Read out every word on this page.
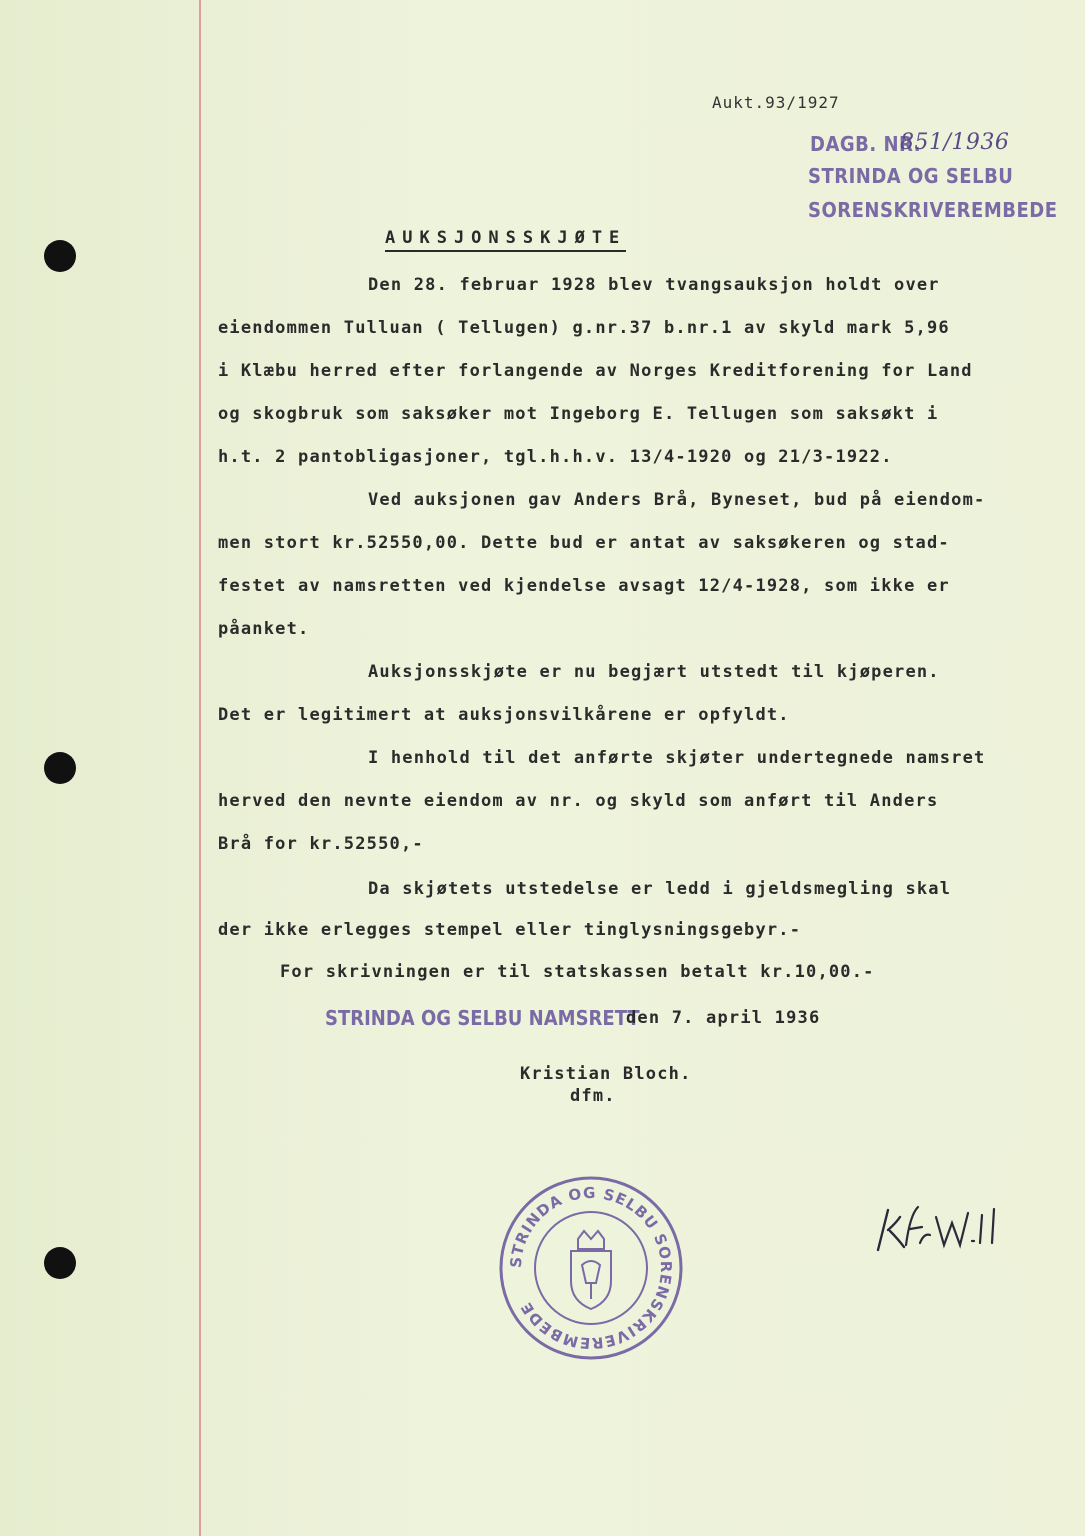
Aukt.93/1927
DAGB. NR.
851/1936
STRINDA OG SELBU
SORENSKRIVEREMBEDE
AUKSJONSSKJØTE
Den 28. februar 1928 blev tvangsauksjon holdt over
eiendommen Tulluan ( Tellugen) g.nr.37 b.nr.1 av skyld mark 5,96
i Klæbu herred efter forlangende av Norges Kreditforening for Land
og skogbruk som saksøker mot Ingeborg E. Tellugen som saksøkt i
h.t. 2 pantobligasjoner, tgl.h.h.v. 13/4-1920 og 21/3-1922.
Ved auksjonen gav Anders Brå, Byneset, bud på eiendom-
men stort kr.52550,00. Dette bud er antat av saksøkeren og stad-
festet av namsretten ved kjendelse avsagt 12/4-1928, som ikke er
påanket.
Auksjonsskjøte er nu begjært utstedt til kjøperen.
Det er legitimert at auksjonsvilkårene er opfyldt.
I henhold til det anførte skjøter undertegnede namsret
herved den nevnte eiendom av nr. og skyld som anført til Anders
Brå for kr.52550,-
Da skjøtets utstedelse er ledd i gjeldsmegling skal
der ikke erlegges stempel eller tinglysningsgebyr.-
For skrivningen er til statskassen betalt kr.10,00.-
STRINDA OG SELBU NAMSRETT
den 7. april 1936
Kristian Bloch.
dfm.
STRINDA OG SELBU SORENSKRIVEREMBEDE
